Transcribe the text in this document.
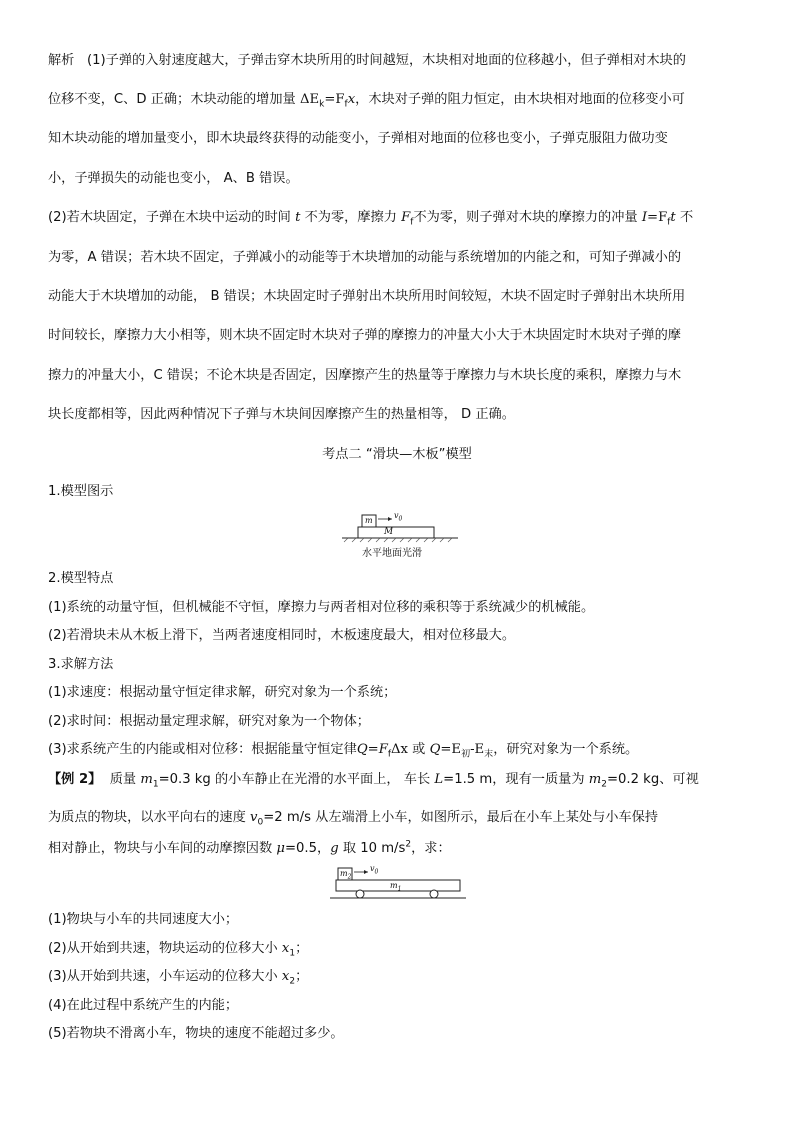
解析 (1)子弹的入射速度越大，子弹击穿木块所用的时间越短，木块相对地面的位移越小，但子弹相对木块的
位移不变，C、D 正确；木块动能的增加量 $\Delta E_k=F_fx$，木块对子弹的阻力恒定，由木块相对地面的位移变小可
知木块动能的增加量变小，即木块最终获得的动能变小，子弹相对地面的位移也变小，子弹克服阻力做功变
小，子弹损失的动能也变小， A、B 错误。
(2)若木块固定，子弹在木块中运动的时间 t 不为零，摩擦力 $F_f$不为零，则子弹对木块的摩擦力的冲量 $I=F_ft$ 不
为零，A 错误；若木块不固定，子弹减小的动能等于木块增加的动能与系统增加的内能之和，可知子弹减小的
动能大于木块增加的动能， B 错误；木块固定时子弹射出木块所用时间较短，木块不固定时子弹射出木块所用
时间较长，摩擦力大小相等，则木块不固定时木块对子弹的摩擦力的冲量大小大于木块固定时木块对子弹的摩
擦力的冲量大小，C 错误；不论木块是否固定，因摩擦产生的热量等于摩擦力与木块长度的乘积，摩擦力与木
块长度都相等，因此两种情况下子弹与木块间因摩擦产生的热量相等， D 正确。
考点二 “滑块—木板”模型
1.模型图示
m
$v_0$
M
水平地面光滑
2.模型特点
(1)系统的动量守恒，但机械能不守恒，摩擦力与两者相对位移的乘积等于系统减少的机械能。
(2)若滑块未从木板上滑下，当两者速度相同时，木板速度最大，相对位移最大。
3.求解方法
(1)求速度：根据动量守恒定律求解，研究对象为一个系统；
(2)求时间：根据动量定理求解，研究对象为一个物体；
(3)求系统产生的内能或相对位移：根据能量守恒定律$Q=F_f\Delta x$ 或 $Q=E_初-E_末$，研究对象为一个系统。
【例 2】 质量 $m_1=0.3$ kg 的小车静止在光滑的水平面上， 车长 L=1.5 m，现有一质量为 $m_2=0.2$ kg、可视
为质点的物块，以水平向右的速度 $v_0=2$ m/s 从左端滑上小车，如图所示，最后在小车上某处与小车保持
相对静止，物块与小车间的动摩擦因数 μ=0.5，g 取 10 $m/s^2$，求：
$m_2$
$v_0$
$m_1$
(1)物块与小车的共同速度大小；
(2)从开始到共速，物块运动的位移大小 $x_1$；
(3)从开始到共速，小车运动的位移大小 $x_2$；
(4)在此过程中系统产生的内能；
(5)若物块不滑离小车，物块的速度不能超过多少。
